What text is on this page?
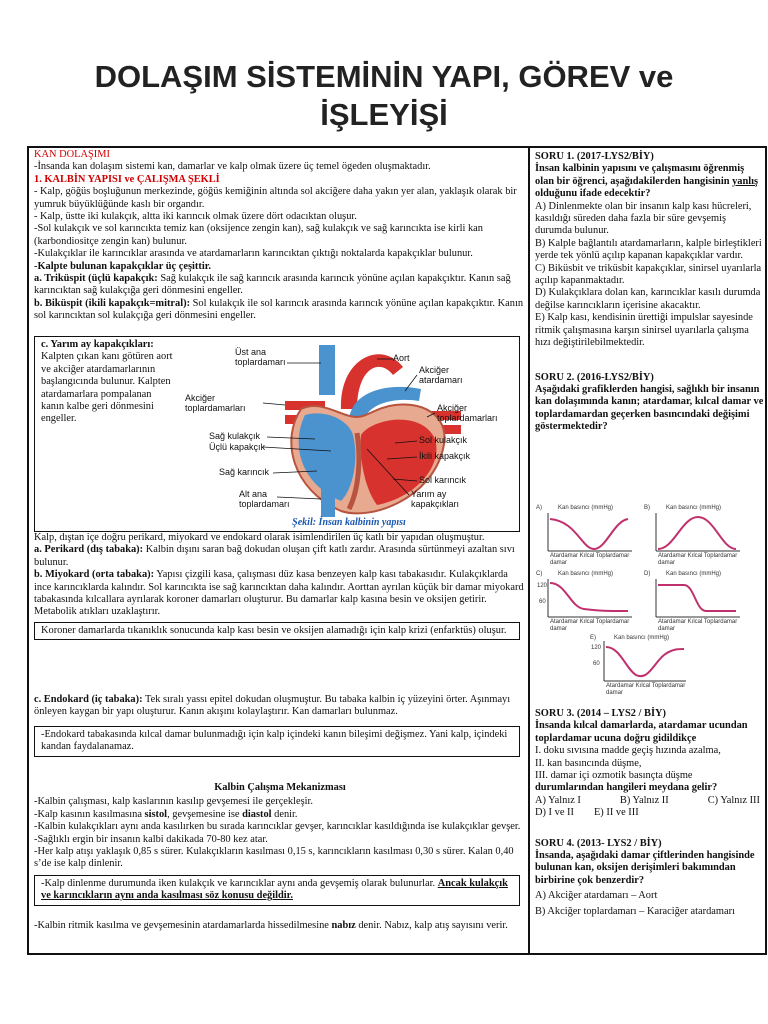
DOLAŞIM SİSTEMİNİN YAPI, GÖREV ve
İŞLEYİŞİ

KAN DOLAŞIMI

-İnsanda kan dolaşım sistemi kan, damarlar ve kalp olmak üzere üç temel ögeden oluşmaktadır.

1. KALBİN YAPISI ve ÇALIŞMA ŞEKLİ

- Kalp, göğüs boşluğunun merkezinde, göğüs kemiğinin altında sol akciğere daha yakın yer alan, yaklaşık olarak bir yumruk büyüklüğünde kaslı bir organdır.

- Kalp, üstte iki kulakçık, altta iki karıncık olmak üzere dört odacıktan oluşur.

-Sol kulakçık ve sol karıncıkta temiz kan (oksijence zengin kan), sağ kulakçık ve sağ karıncıkta ise kirli kan (karbondiositçe zengin kan) bulunur.

-Kulakçıklar ile karıncıklar arasında ve atardamarların karıncıktan çıktığı noktalarda kapakçıklar bulunur.

-Kalpte bulunan kapakçıklar üç çeşittir.

a. Triküspit (üçlü kapakçık: Sağ kulakçık ile sağ karıncık arasında karıncık yönüne açılan kapakçıktır. Kanın sağ karıncıktan sağ kulakçığa geri dönmesini engeller.

b. Biküspit (ikili kapakçık=mitral): Sol kulakçık ile sol karıncık arasında karıncık yönüne açılan kapakçıktır. Kanın sol karıncıktan sol kulakçığa geri dönmesini engeller.

c. Yarım ay kapakçıkları: Kalpten çıkan kanı götüren aort ve akciğer atardamarlarının başlangıcında bulunur. Kalpten atardamarlara pompalanan kanın kalbe geri dönmesini engeller.
Üst ana
toplardamarı	Aort
Akciğer
atardamarı
Akciğer
toplardamarları	Akciğer
toplardamarları
Sağ kulakçık
Üçlü kapakçık
Sol kulakçık
İkili kapakçık
Sağ karıncık
Sol karıncık
Alt ana
toplardamarı
Yarım ay
kapakçıkları
Şekil: İnsan kalbinin yapısı

Kalp, dıştan içe doğru perikard, miyokard ve endokard olarak isimlendirilen üç katlı bir yapıdan oluşmuştur.

a. Perikard (dış tabaka): Kalbin dışını saran bağ dokudan oluşan çift katlı zardır. Arasında sürtünmeyi azaltan sıvı bulunur.

b. Miyokard (orta tabaka): Yapısı çizgili kasa, çalışması düz kasa benzeyen kalp kası tabakasıdır. Kulakçıklarda ince karıncıklarda kalındır. Sol karıncıkta ise sağ karıncıktan daha kalındır. Aorttan ayrılan küçük bir damar miyokard tabakasında kılcallara ayrılarak koroner damarları oluşturur. Bu damarlar kalp kasına besin ve oksijen getirir. Metabolik atıkları uzaklaştırır.

Koroner damarlarda tıkanıklık sonucunda kalp kası besin ve oksijen alamadığı için kalp krizi (enfarktüs) oluşur.

c. Endokard (iç tabaka): Tek sıralı yassı epitel dokudan oluşmuştur. Bu tabaka kalbin iç yüzeyini örter. Aşınmayı önleyen kaygan bir yapı oluşturur. Kanın akışını kolaylaştırır. Kan damarları bulunmaz.

-Endokard tabakasında kılcal damar bulunmadığı için kalp içindeki kanın bileşimi değişmez. Yani kalp, içindeki kandan faydalanamaz.

Kalbin Çalışma Mekanizması

-Kalbin çalışması, kalp kaslarının kasılıp gevşemesi ile gerçekleşir.

-Kalp kasının kasılmasına sistol, gevşemesine ise diastol denir.

-Kalbin kulakçıkları aynı anda kasılırken bu sırada karıncıklar gevşer, karıncıklar kasıldığında ise kulakçıklar gevşer.

-Sağlıklı ergin bir insanın kalbi dakikada 70-80 kez atar.

-Her kalp atışı yaklaşık 0,85 s sürer. Kulakçıkların kasılması 0,15 s, karıncıkların kasılması 0,30 s sürer. Kalan 0,40 s’de ise kalp dinlenir.

-Kalp dinlenme durumunda iken kulakçık ve karıncıklar aynı anda gevşemiş olarak bulunurlar. Ancak kulakçık ve karıncıkların aynı anda kasılması söz konusu değildir.

-Kalbin ritmik kasılma ve gevşemesinin atardamarlarda hissedilmesine nabız denir. Nabız, kalp atış sayısını verir.

SORU 1. (2017-LYS2/BİY)

İnsan kalbinin yapısını ve çalışmasını öğrenmiş olan bir öğrenci, aşağıdakilerden hangisinin yanlış
olduğunu ifade edecektir?

A) Dinlenmekte olan bir insanın kalp kası hücreleri, kasıldığı süreden daha fazla bir süre gevşemiş durumda bulunur.

B) Kalple bağlantılı atardamarların, kalple birleştikleri yerde tek yönlü açılıp kapanan kapakçıklar vardır.

C) Biküsbit ve triküsbit kapakçıklar, sinirsel uyarılarla açılıp kapanmaktadır.

D) Kulakçıklara dolan kan, karıncıklar kasılı durumda değilse karıncıkların içerisine akacaktır.

E) Kalp kası, kendisinin ürettiği impulslar sayesinde ritmik çalışmasına karşın sinirsel uyarılarla çalışma hızı değiştirilebilmektedir.

SORU 2. (2016-LYS2/BİY)

Aşağıdaki grafiklerden hangisi, sağlıklı bir insanın kan dolaşımında kanın; atardamar, kılcal damar ve toplardamardan geçerken basıncındaki değişimi göstermektedir?

A)	Kan basıncı (mmHg)
Atardamar Kılcal Toplardamar damar
B)	Kan basıncı (mmHg)
Atardamar Kılcal Toplardamar damar
C)	Kan basıncı (mmHg)
120
60
Atardamar Kılcal Toplardamar damar
D)	Kan basıncı (mmHg)
Atardamar Kılcal Toplardamar damar
E)	Kan basıncı (mmHg)
120
60
Atardamar Kılcal Toplardamar damar

SORU 3. (2014 – LYS2 / BİY)

İnsanda kılcal damarlarda, atardamar ucundan toplardamar ucuna doğru gidildikçe

I. doku sıvısına madde geçiş hızında azalma,

II. kan basıncında düşme,

III. damar içi ozmotik basınçta düşme

durumlarından hangileri meydana gelir?

A) Yalnız I	B) Yalnız II	C) Yalnız III
D) I ve II E) II ve III

SORU 4. (2013- LYS2 / BİY)

İnsanda, aşağıdaki damar çiftlerinden hangisinde bulunan kan, oksijen derişimleri bakımından birbirine çok benzerdir?

A) Akciğer atardamarı – Aort

B) Akciğer toplardamarı – Karaciğer atardamarı
